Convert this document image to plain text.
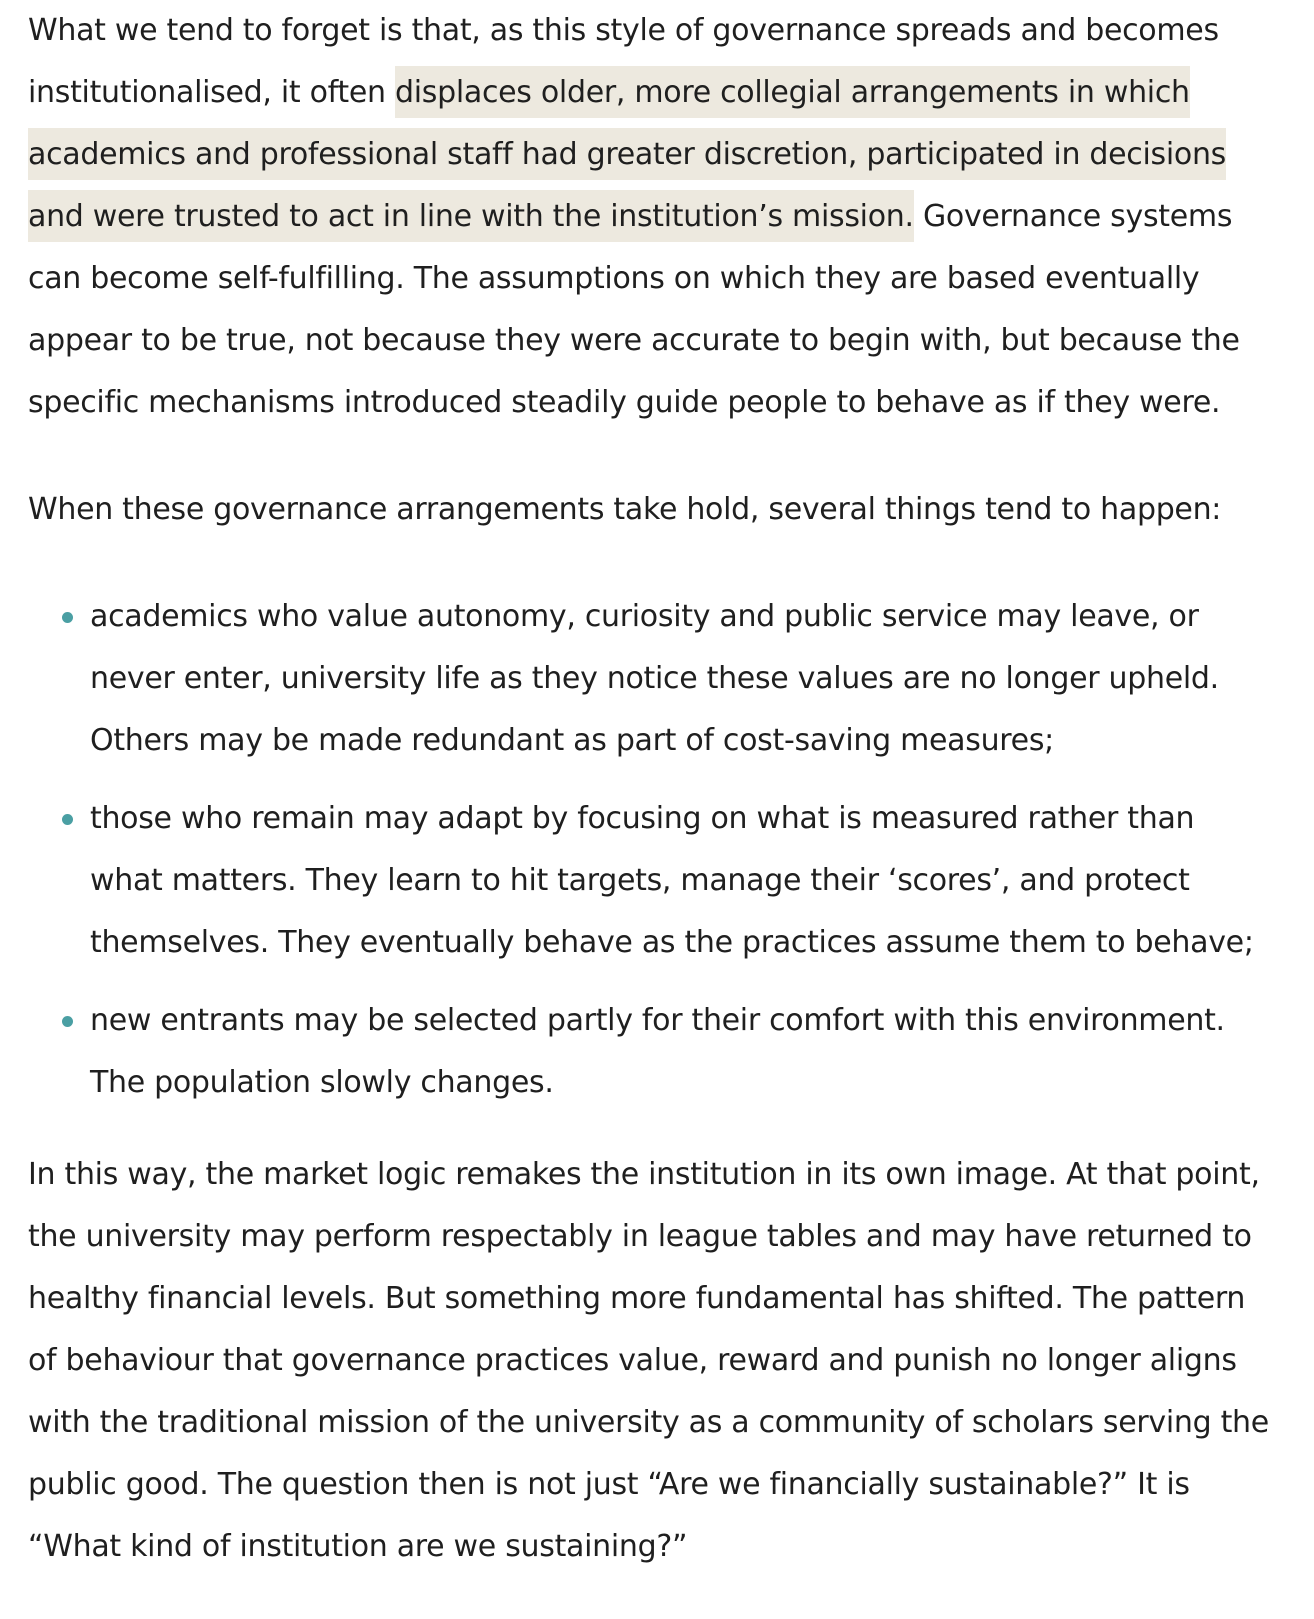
What we tend to forget is that, as this style of governance spreads and becomes institutionalised, it often displaces older, more collegial arrangements in which academics and professional staff had greater discretion, participated in decisions and were trusted to act in line with the institution’s mission. Governance systems can become self-fulfilling. The assumptions on which they are based eventually appear to be true, not because they were accurate to begin with, but because the specific mechanisms introduced steadily guide people to behave as if they were.

When these governance arrangements take hold, several things tend to happen:

academics who value autonomy, curiosity and public service may leave, or never enter, university life as they notice these values are no longer upheld. Others may be made redundant as part of cost-saving measures;
those who remain may adapt by focusing on what is measured rather than what matters. They learn to hit targets, manage their ‘scores’, and protect themselves. They eventually behave as the practices assume them to behave;
new entrants may be selected partly for their comfort with this environment. The population slowly changes.

In this way, the market logic remakes the institution in its own image. At that point, the university may perform respectably in league tables and may have returned to healthy financial levels. But something more fundamental has shifted. The pattern of behaviour that governance practices value, reward and punish no longer aligns with the traditional mission of the university as a community of scholars serving the public good. The question then is not just “Are we financially sustainable?” It is “What kind of institution are we sustaining?”
